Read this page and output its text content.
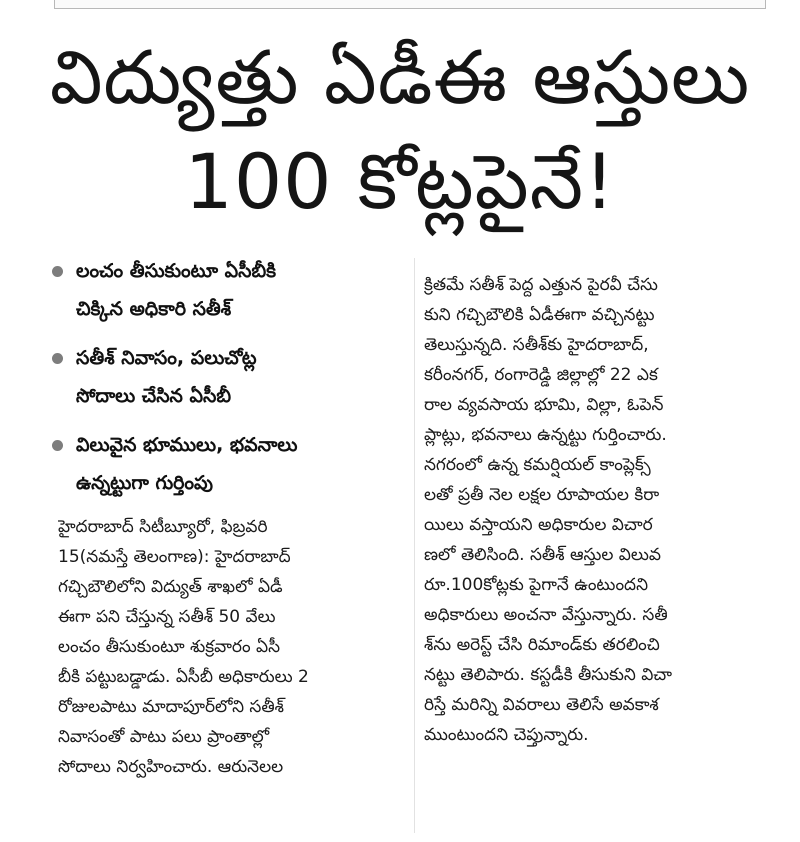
విద్యుత్తు ఏడీఈ ఆస్తులు
100 కోట్లపైనే!
లంచం తీసుకుంటూ ఏసీబీకి
చిక్కిన అధికారి సతీశ్
సతీశ్ నివాసం, పలుచోట్ల
సోదాలు చేసిన ఏసీబీ
విలువైన భూములు, భవనాలు
ఉన్నట్టుగా గుర్తింపు
హైదరాబాద్ సిటీబ్యూరో, ఫిబ్రవరి
15(నమస్తే తెలంగాణ): హైదరాబాద్
గచ్చిబౌలిలోని విద్యుత్ శాఖలో ఏడీ
ఈగా పని చేస్తున్న సతీశ్ 50 వేలు
లంచం తీసుకుంటూ శుక్రవారం ఏసీ
బీకి పట్టుబడ్డాడు. ఏసీబీ అధికారులు 2
రోజులపాటు మాదాపూర్‌లోని సతీశ్
నివాసంతో పాటు పలు ప్రాంతాల్లో
సోదాలు నిర్వహించారు. ఆరునెలల
క్రితమే సతీశ్ పెద్ద ఎత్తున పైరవీ చేసు
కుని గచ్చిబౌలికి ఏడీఈగా వచ్చినట్టు
తెలుస్తున్నది. సతీశ్‌కు హైదరాబాద్,
కరీంనగర్, రంగారెడ్డి జిల్లాల్లో 22 ఎక
రాల వ్యవసాయ భూమి, విల్లా, ఓపెన్
ప్లాట్లు, భవనాలు ఉన్నట్టు గుర్తించారు.
నగరంలో ఉన్న కమర్షియల్ కాంప్లెక్స్
లతో ప్రతీ నెల లక్షల రూపాయల కిరా
యిలు వస్తాయని అధికారుల విచార
ణలో తెలిసింది. సతీశ్ ఆస్తుల విలువ
రూ.100కోట్లకు పైగానే ఉంటుందని
అధికారులు అంచనా వేస్తున్నారు. సతీ
శ్‌ను అరెస్ట్ చేసి రిమాండ్‌కు తరలించి
నట్టు తెలిపారు. కస్టడీకి తీసుకుని విచా
రిస్తే మరిన్ని వివరాలు తెలిసే అవకాశ
ముంటుందని చెప్తున్నారు.
